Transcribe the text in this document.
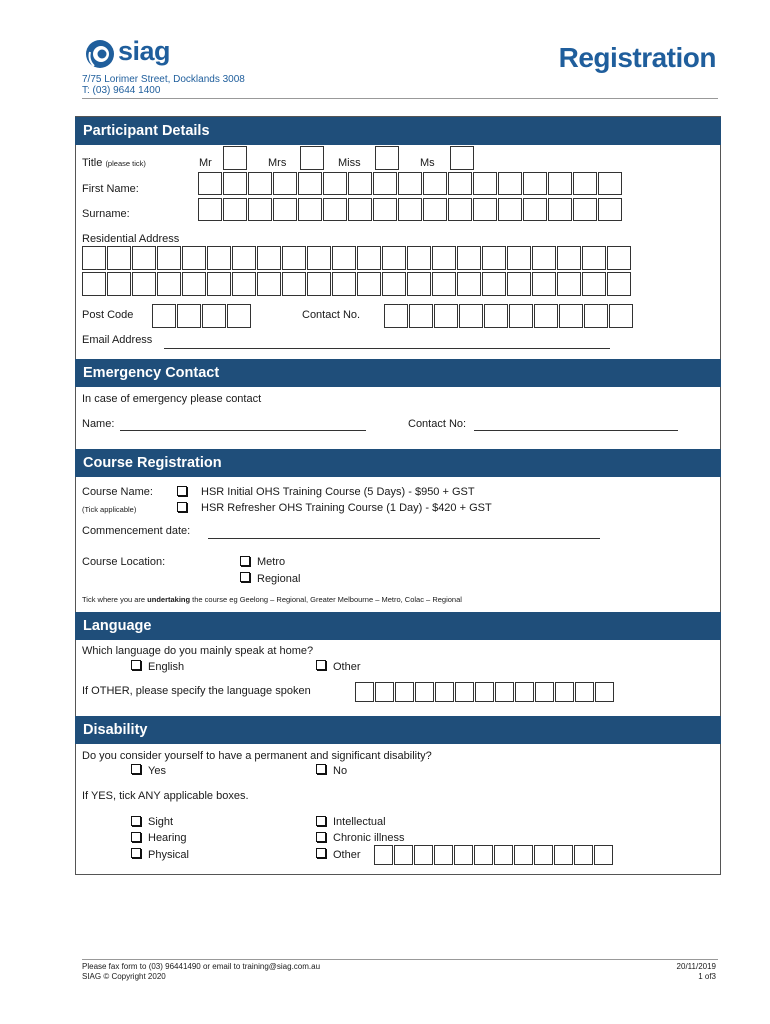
siag
7/75 Lorimer Street, Docklands 3008
T: (03) 9644 1400
Registration
Participant Details
Title (please tick)	Mr	Mrs	Miss	Ms
First Name:
Surname:
Residential Address
Post Code	Contact No.
Email Address
Emergency Contact
In case of emergency please contact
Name:	Contact No:
Course Registration
Course Name:
(Tick applicable)
HSR Initial OHS Training Course (5 Days) - $950 + GST
HSR Refresher OHS Training Course (1 Day) - $420 + GST
Commencement date:
Course Location:	Metro
Regional
Tick where you are undertaking the course eg Geelong – Regional, Greater Melbourne – Metro, Colac – Regional
Language
Which language do you mainly speak at home?
English	Other
If OTHER, please specify the language spoken
Disability
Do you consider yourself to have a permanent and significant disability?
Yes	No
If YES, tick ANY applicable boxes.
Sight
Hearing
Physical
Intellectual
Chronic illness
Other
Please fax form to (03) 96441490 or email to training@siag.com.au
SIAG © Copyright 2020
20/11/2019
1 of3
